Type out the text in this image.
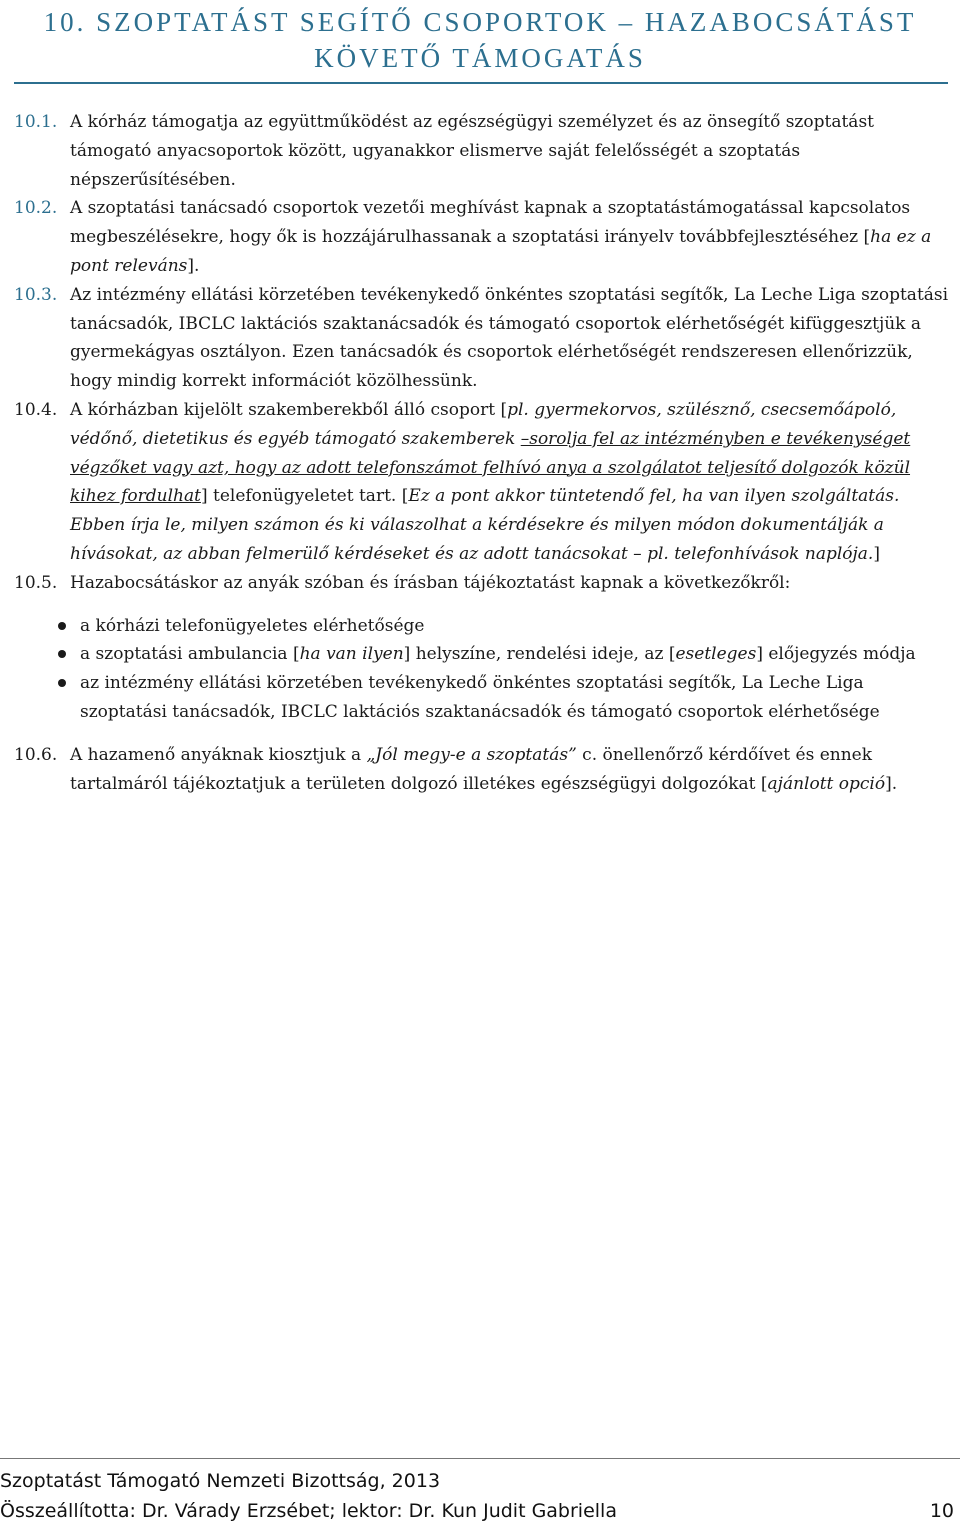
10. SZOPTATÁST SEGÍTŐ CSOPORTOK – HAZABOCSÁTÁST
KÖVETŐ TÁMOGATÁS

10.1. A kórház támogatja az együttműködést az egészségügyi személyzet és az önsegítő szoptatást támogató anyacsoportok között, ugyanakkor elismerve saját felelősségét a szoptatás népszerűsítésében.

10.2. A szoptatási tanácsadó csoportok vezetői meghívást kapnak a szoptatástámogatással kapcsolatos megbeszélésekre, hogy ők is hozzájárulhassanak a szoptatási irányelv továbbfejlesztéséhez [ha ez a pont releváns].

10.3. Az intézmény ellátási körzetében tevékenykedő önkéntes szoptatási segítők, La Leche Liga szoptatási tanácsadók, IBCLC laktációs szaktanácsadók és támogató csoportok elérhetőségét kifüggesztjük a gyermekágyas osztályon. Ezen tanácsadók és csoportok elérhetőségét rendszeresen ellenőrizzük, hogy mindig korrekt információt közölhessünk.

10.4. A kórházban kijelölt szakemberekből álló csoport [pl. gyermekorvos, szülésznő, csecsemőápoló, védőnő, dietetikus és egyéb támogató szakemberek –sorolja fel az intézményben e tevékenységet végzőket vagy azt, hogy az adott telefonszámot felhívó anya a szolgálatot teljesítő dolgozók közül kihez fordulhat] telefonügyeletet tart. [Ez a pont akkor tüntetendő fel, ha van ilyen szolgáltatás. Ebben írja le, milyen számon és ki válaszolhat a kérdésekre és milyen módon dokumentálják a hívásokat, az abban felmerülő kérdéseket és az adott tanácsokat – pl. telefonhívások naplója.]

10.5. Hazabocsátáskor az anyák szóban és írásban tájékoztatást kapnak a következőkről:

a kórházi telefonügyeletes elérhetősége
a szoptatási ambulancia [ha van ilyen] helyszíne, rendelési ideje, az [esetleges] előjegyzés módja
az intézmény ellátási körzetében tevékenykedő önkéntes szoptatási segítők, La Leche Liga szoptatási tanácsadók, IBCLC laktációs szaktanácsadók és támogató csoportok elérhetősége

10.6. A hazamenő anyáknak kiosztjuk a „Jól megy-e a szoptatás” c. önellenőrző kérdőívet és ennek tartalmáról tájékoztatjuk a területen dolgozó illetékes egészségügyi dolgozókat [ajánlott opció].

Szoptatást Támogató Nemzeti Bizottság, 2013
Összeállította: Dr. Várady Erzsébet; lektor: Dr. Kun Judit Gabriella	10
